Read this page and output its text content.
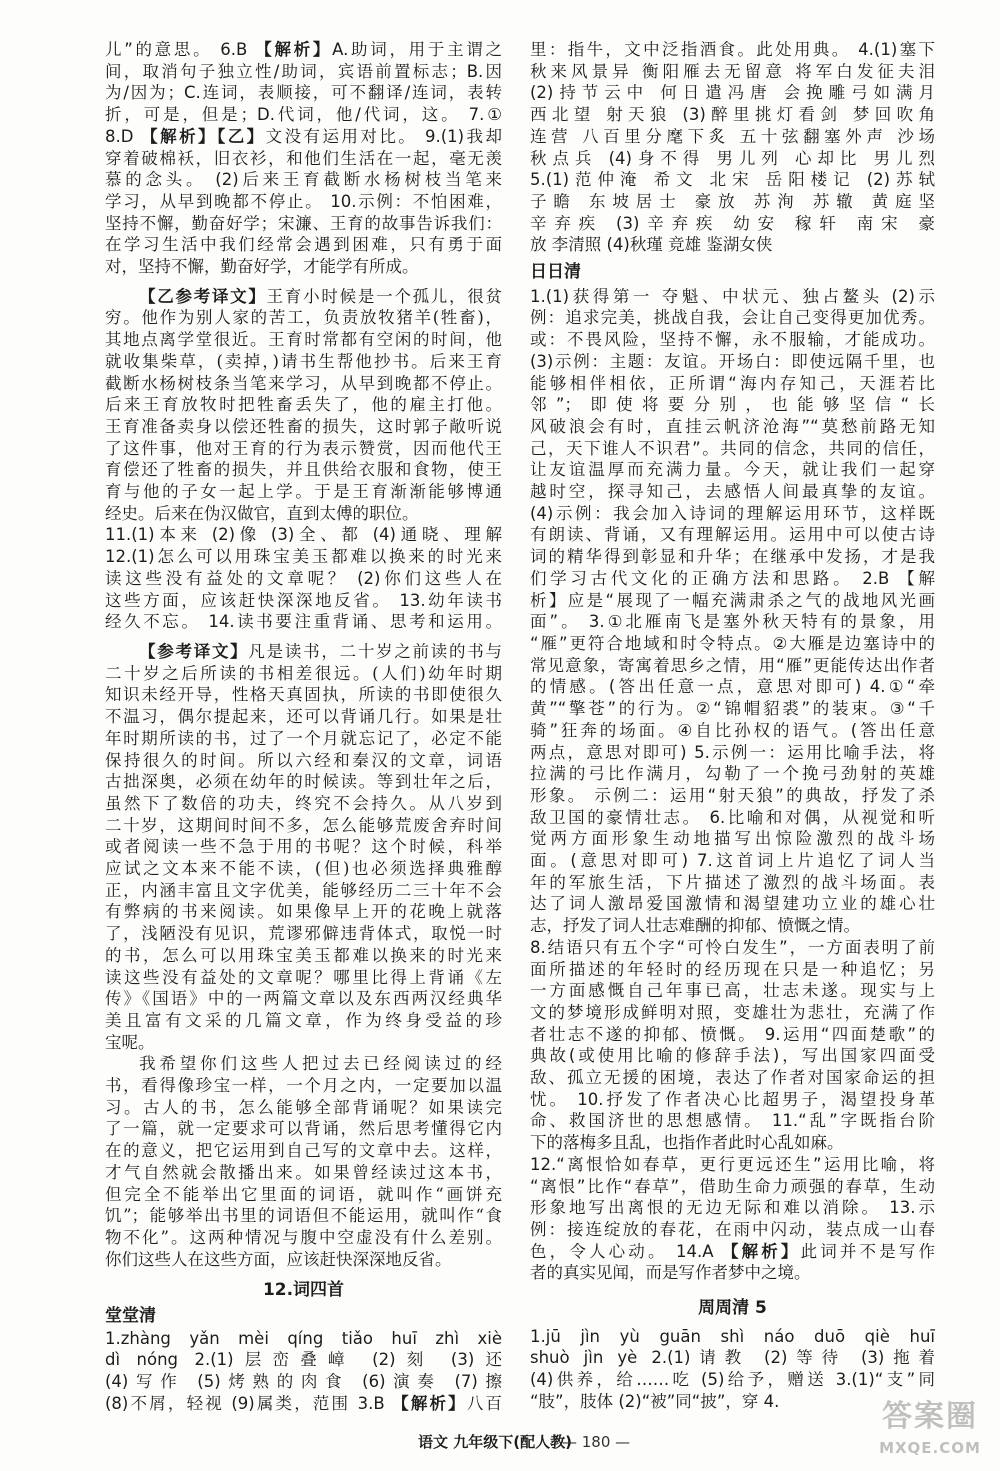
儿”的意思。 6.B 【解析】A.助词，用于主谓之
间，取消句子独立性/助词，宾语前置标志；B.因
为/因为；C.连词，表顺接，可不翻译/连词，表转
折，可是，但是；D.代词，他/代词，这。 7.①
8.D 【解析】【乙】文没有运用对比。 9.(1)我却
穿着破棉袄，旧衣衫，和他们生活在一起，毫无羡
慕的念头。 (2)后来王育截断水杨树枝当笔来
学习，从早到晚都不停止。 10.示例：不怕困难，
坚持不懈，勤奋好学；宋濂、王育的故事告诉我们：
在学习生活中我们经常会遇到困难，只有勇于面
对，坚持不懈，勤奋好学，才能学有所成。
【乙参考译文】王育小时候是一个孤儿，很贫
穷。他作为别人家的苦工，负责放牧猪羊(牲畜)，
其地点离学堂很近。王育时常都有空闲的时间，他
就收集柴草，(卖掉，)请书生帮他抄书。后来王育
截断水杨树枝条当笔来学习，从早到晚都不停止。
后来王育放牧时把牲畜丢失了，他的雇主打他。
王育准备卖身以偿还牲畜的损失，这时郭子敞听说
了这件事，他对王育的行为表示赞赏，因而他代王
育偿还了牲畜的损失，并且供给衣服和食物，使王
育与他的子女一起上学。于是王育渐渐能够博通
经史。后来在伪汉做官，直到太傅的职位。
11.(1)本来 (2)像 (3)全、都 (4)通晓、理解
12.(1)怎么可以用珠宝美玉都难以换来的时光来
读这些没有益处的文章呢？ (2)你们这些人在
这些方面，应该赶快深深地反省。 13.幼年读书
经久不忘。 14.读书要注重背诵、思考和运用。
【参考译文】凡是读书，二十岁之前读的书与
二十岁之后所读的书相差很远。(人们)幼年时期
知识未经开导，性格天真固执，所读的书即使很久
不温习，偶尔提起来，还可以背诵几行。如果是壮
年时期所读的书，过了一个月就忘记了，必定不能
保持很久的时间。所以六经和秦汉的文章，词语
古拙深奥，必须在幼年的时候读。等到壮年之后，
虽然下了数倍的功夫，终究不会持久。从八岁到
二十岁，这期间时间不多，怎么能够荒废舍弃时间
或者阅读一些不急于用的书呢？这个时候，科举
应试之文本来不能不读，(但)也必须选择典雅醇
正，内涵丰富且文字优美，能够经历二三十年不会
有弊病的书来阅读。如果像早上开的花晚上就落
了，浅陋没有见识，荒谬邪僻违背体式，取悦一时
的书，怎么可以用珠宝美玉都难以换来的时光来
读这些没有益处的文章呢？哪里比得上背诵《左
传》《国语》中的一两篇文章以及东西两汉经典华
美且富有文采的几篇文章，作为终身受益的珍
宝呢。
我希望你们这些人把过去已经阅读过的经
书，看得像珍宝一样，一个月之内，一定要加以温
习。古人的书，怎么能够全部背诵呢？如果读完
了一篇，就一定要求可以背诵，然后思考懂得它内
在的意义，把它运用到自己写的文章中去。这样，
才气自然就会散播出来。如果曾经读过这本书，
但完全不能举出它里面的词语，就叫作“画饼充
饥”；能够举出书里的词语但不能运用，就叫作“食
物不化”。这两种情况与腹中空虚没有什么差别。
你们这些人在这些方面，应该赶快深深地反省。
12.词四首
堂堂清
1.zhàng yǎn mèi qíng tiǎo huī zhì xiè
dì nóng 2.(1)层峦叠嶂 (2)刻 (3)还
(4)写作 (5)烤熟的肉食 (6)演奏 (7)擦
(8)不屑，轻视 (9)属类，范围 3.B 【解析】八百
里：指牛，文中泛指酒食。此处用典。 4.(1)塞下
秋来风景异 衡阳雁去无留意 将军白发征夫泪
(2)持节云中 何日遣冯唐 会挽雕弓如满月
西北望 射天狼 (3)醉里挑灯看剑 梦回吹角
连营 八百里分麾下炙 五十弦翻塞外声 沙场
秋点兵 (4)身不得 男儿列 心却比 男儿烈
5.(1)范仲淹 希文 北宋 岳阳楼记 (2)苏轼
子瞻 东坡居士 豪放 苏洵 苏辙 黄庭坚
辛弃疾 (3)辛弃疾 幼安 稼轩 南宋 豪
放 李清照 (4)秋瑾 竞雄 鉴湖女侠
日日清
1.(1)获得第一 夺魁、中状元、独占鳌头 (2)示
例：追求完美，挑战自我，会让自己变得更加优秀。
或：不畏风险，坚持不懈，永不服输，才能成功。
(3)示例：主题：友谊。开场白：即使远隔千里，也
能够相伴相依，正所谓“海内存知己，天涯若比
邻”；即使将要分别，也能够坚信“长
风破浪会有时，直挂云帆济沧海”“莫愁前路无知
己，天下谁人不识君”。共同的信念，共同的信任，
让友谊温厚而充满力量。今天，就让我们一起穿
越时空，探寻知己，去感悟人间最真挚的友谊。
(4)示例：我会加入诗词的理解运用环节，这样既
有朗读、背诵，又有理解运用。运用中可以使古诗
词的精华得到彰显和升华；在继承中发扬，才是我
们学习古代文化的正确方法和思路。 2.B 【解
析】应是“展现了一幅充满肃杀之气的战地风光画
面”。 3.①北雁南飞是塞外秋天特有的景象，用
“雁”更符合地域和时令特点。②大雁是边塞诗中的
常见意象，寄寓着思乡之情，用“雁”更能传达出作者
的情感。(答出任意一点，意思对即可) 4.①“牵
黄”“擎苍”的行为。②“锦帽貂裘”的装束。③“千
骑”狂奔的场面。④自比孙权的语气。(答出任意
两点，意思对即可) 5.示例一：运用比喻手法，将
拉满的弓比作满月，勾勒了一个挽弓劲射的英雄
形象。 示例二：运用“射天狼”的典故，抒发了杀
敌卫国的豪情壮志。 6.比喻和对偶，从视觉和听
觉两方面形象生动地描写出惊险激烈的战斗场
面。(意思对即可) 7.这首词上片追忆了词人当
年的军旅生活，下片描述了激烈的战斗场面。表
达了词人激昂爱国激情和渴望建功立业的雄心壮
志，抒发了词人壮志难酬的抑郁、愤慨之情。
8.结语只有五个字“可怜白发生”，一方面表明了前
面所描述的年轻时的经历现在只是一种追忆；另
一方面感慨自己年事已高，壮志未遂。现实与上
文的梦境形成鲜明对照，变雄壮为悲壮，充满了作
者壮志不遂的抑郁、愤慨。 9.运用“四面楚歌”的
典故(或使用比喻的修辞手法)，写出国家四面受
敌、孤立无援的困境，表达了作者对国家命运的担
忧。 10.抒发了作者决心比超男子，渴望投身革
命、救国济世的思想感情。 11.“乱”字既指台阶
下的落梅多且乱，也指作者此时心乱如麻。
12.“离恨恰如春草，更行更远还生”运用比喻，将
“离恨”比作“春草”，借助生命力顽强的春草，生动
形象地写出离恨的无边无际和难以消除。 13.示
例：接连绽放的春花，在雨中闪动，装点成一山春
色，令人心动。 14.A 【解析】此词并不是写作
者的真实见闻，而是写作者梦中之境。
周周清 5
1.jū jìn yù guān shì náo duō qiè huī
shuò jìn yè 2.(1)请教 (2)等待 (3)拖着
(4)供养，给……吃 (5)给予，赠送 3.(1)“支”同
“肢”，肢体 (2)“被”同“披”，穿 4.
语文 九年级下(配人教)
— 180 —
答案圈
MXQE.COM
